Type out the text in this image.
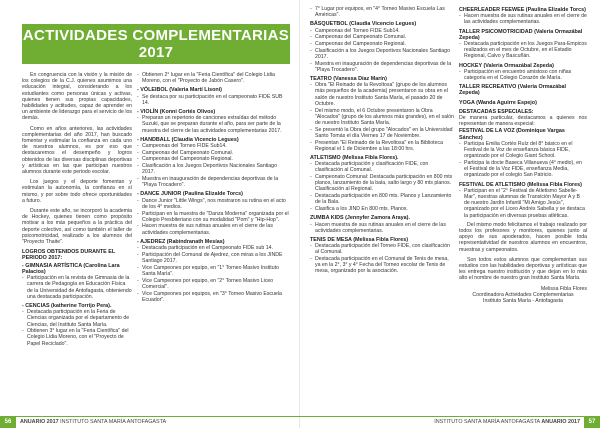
ACTIVIDADES COMPLEMENTARIAS
2017

En congruencia con la visión y la misión de los colegios de la C.J. quienes asumimos una educación integral, considerando a los estudiantes como personas únicas y activas, quienes tienen sus propias capacidades, habilidades y actitudes, capaz de aprender en un ambiente de liderazgo para el servicio de los demás.

Como en años anteriores, las actividades complementarias del año 2017, han buscado fomentar y estimular la confianza en cada uno de nuestros alumnos, es por eso que destacaremos el desempeño y logros obtenidos de las diversas disciplinas deportivas y artísticas en las que participan nuestros alumnos durante este periodo escolar.

Los juegos y el deporte fomentan y estimulan la autonomía, la confianza en sí mismo, y por sobre todo ofrece oportunidades a futuro.

Durante este año, se incorporó la academia de Hockey, quienes tienen como propósito motivar a los más pequeños a la práctica del deporte colectivo, así como también el taller de psicomotricidad, realizado a los alumnos del "Proyecto Thaite".

LOGROS OBTENIDOS DURANTE EL PERIODO 2017:
- GIMNASIA ARTÍSTICA (Carolina Lara Palacios)
- Participación en la revista de Gimnasia de la carrera de Pedagogía en Educación Física de la Universidad de Antofagasta, obteniendo una destacada participación.
- CENCIAS (katherine Torrijo Pera).
- Destacada participación en la Feria de Ciencias organizada por el departamento de Ciencias, del Instituto Santa María.
- Obtienen 3° lugar en la "Feria Científica" del Colegio Lidia Moreno, con el "Proyecto de Papel Reciclado".
- Obtienen 2° lugar en la "Feria Científica" del Colegio Lidia Moreno, con el "Proyecto de Jabón Casero".
- VÓLEIBOL (Valeria Martí Lisoni)
- Se destaca por su participación en el campeonato FIDE SUB 14.
- VIOLÍN (Konni Cortés Olivos)
- Preparan un repertorio de canciones extraídas del método Suzuki, que se preparan durante el año, para ser parte de la muestra del cierre de las actividades complementarias 2017.
- HANDBALL (Claudia Vicencio Legues)
- Campeonas del Torneo FIDE Sub14.
- Campeonas del Campeonato Comunal.
- Campeonas del Campeonato Regional.
- Clasificación a los Juegos Deportivos Nacionales Santiago 2017.
- Muestra en inauguración de dependencias deportivas de la "Playa Trocadero".
- DANCE JUNIOR (Paulina Elizalde Torcs)
- Dance Junior "Little Wings", nos mostraron su rutina en el acto de los 4° medios.
- Participan en la muestra de "Danza Moderna" organizada por el Colegio Presbiteriano con su modalidad "Pom" y "Hip-Hop".
- Hacen muestra de sus rutinas anuales en el cierre de las actividades complementarias.
- AJEDREZ (Rabindranath Mesías)
- Destacada participación en el Campeonato FIDE sub 14.
- Participación del Comunal de Ajedrez, con miras a los JINDE Santiago 2017.
- Vice Campeones por equipo, en "1° Torneo Masivo Instituto Santa María".
- Vice Campeones por equipo, en "2° Torneo Masivo Liceo Comercial".
- Vice Campeones por equipos, en "3° Torneo Masivo Escuela Ecuador".
- 7° Lugar por equipos, en "4° Torneo Masivo Escuela Las Américas".
BÁSQUETBOL (Claudia Vicencio Legues)
- Campeonas del Torneo FIDE Sub14.
- Campeonas del Campeonato Comunal.
- Campeonas del Campeonato Regional.
- Clasificación a los Juegos Deportivos Nacionales Santiago 2017.
- Muestra en inauguración de dependencias deportivas de la "Playa Trocadero".
TEATRO (Vanessa Díaz Marín)
- Obra "El Reinado de la Revoltosa" (grupo de los alumnos más pequeños de la academia) presentaron su obra en el salón de nuestro Instituto Santa María, el pasado 20 de Octubre.
- Del mismo modo, el 6 Octubre presentaron la Obra "Alocados" (grupo de los alumnos más grandes), en el salón de nuestro Instituto Santa María.
- Se presentó la Obra del grupo "Alocados" en la Universidad Santo Tomás el día Viernes 17 de Noviembre.
- Presentan "El Reinado de la Revoltosa" en la Biblioteca Regional el 1 de Diciembre a las 18:00 hrs.
ATLETISMO (Melissa Fibla Flores).
- Destacada participación y clasificación FIDE, con clasificación al Comunal.
- Campeonato Comunal: Destacada participación en 800 mts planos, lanzamiento de la bala, salto largo y 80 mts planos. Clasificación al Regional.
- Destacada participación en 800 mts. Planos y Lanzamiento de la Bala.
- Clasifica a los JIND En 800 mts. Planos.
ZUMBA KIDS (Jennyfer Zamora Araya).
- Hacen muestra de sus rutinas anuales en el cierre de las actividades complementarias.
TENIS DE MESA (Melissa Fibla Flores)
- Destacada participación del Torneo FIDE, con clasificación al Comunal.
- Destacada participación en el Comunal de Tenis de mesa, ya en la 2°, 3° y 4° Fecha del Torneo escolar de Tenis de mesa, organizado por la asociación.
CHEERLEADER FEEWEE (Paulina Elizalde Torcs)
- Hacen muestra de sus rutinas anuales en el cierre de las actividades complementarias.
TALLER PSICOMOTRICIDAD (Valeria Ormazábal Zepeda)
- Destacada participación en los Juegos Para-Empicos realizados en el mes de Octubre, en el Estadio Regional, Calvo y Bascuñán.
HOCKEY (Valeria Ormazábal Zepeda)
- Participación en encuentro amistoso con niñas categoría en el Colegio Corazón de María.
TALLER RECREATIVO (Valeria Ormazábal Zepeda)
YOGA (Wanda Aguirre Espejo)
DESTACADAS ESPECIALES:

De manera particular, destacamos a quienes nos representan de manera especial:

FESTIVAL DE LA VOZ (Dominique Vargas Sánchez)
- Participa Emilia Cortés Ruíz del 8° básico en el Festival de la Voz de enseñanza básica FIDE, organizado por el Colegio Giant School.
- Participa la docte Baseca Villanueva (4° medio), en el Festival de la Voz FIDE, enseñanza Media, organizado por el colegio San Patricio.
FESTIVAL DE ATLETISMO (Melissa Fibla Flores)
- Participan en el "2° Festival de Atletismo Sabelle-Mar", nuestras alumnas de Transición Mayor A y B de nuestro Jardín Infantil "Mi Amigo Jesús", organizado por el Liceo Andrés Sabella y se destaca la participación en diversas pruebas atléticas.

Del mismo modo felicitamos el trabajo realizado por todos los profesores y monitores, quienes junto al apoyo de sus apoderados, hacen posible toda representatividad de nuestros alumnos en encuentros, muestras y campeonatos.

Son todos estos alumnos que complementan sus estudios con las habilidades deportivas y artísticas que les entrega nuestro institución y que dejan en lo más alto el nombre de nuestro gran Instituto Santa María.

Melissa Fibla Flores
Coordinadora Actividades Complementarias
Instituto Santa María - Antofagasta
56	ANUARIO 2017 INSTITUTO SANTA MARÍA ANTOFAGASTA	INSTITUTO SANTA MARÍA ANTOFAGASTA ANUARIO 2017	57
